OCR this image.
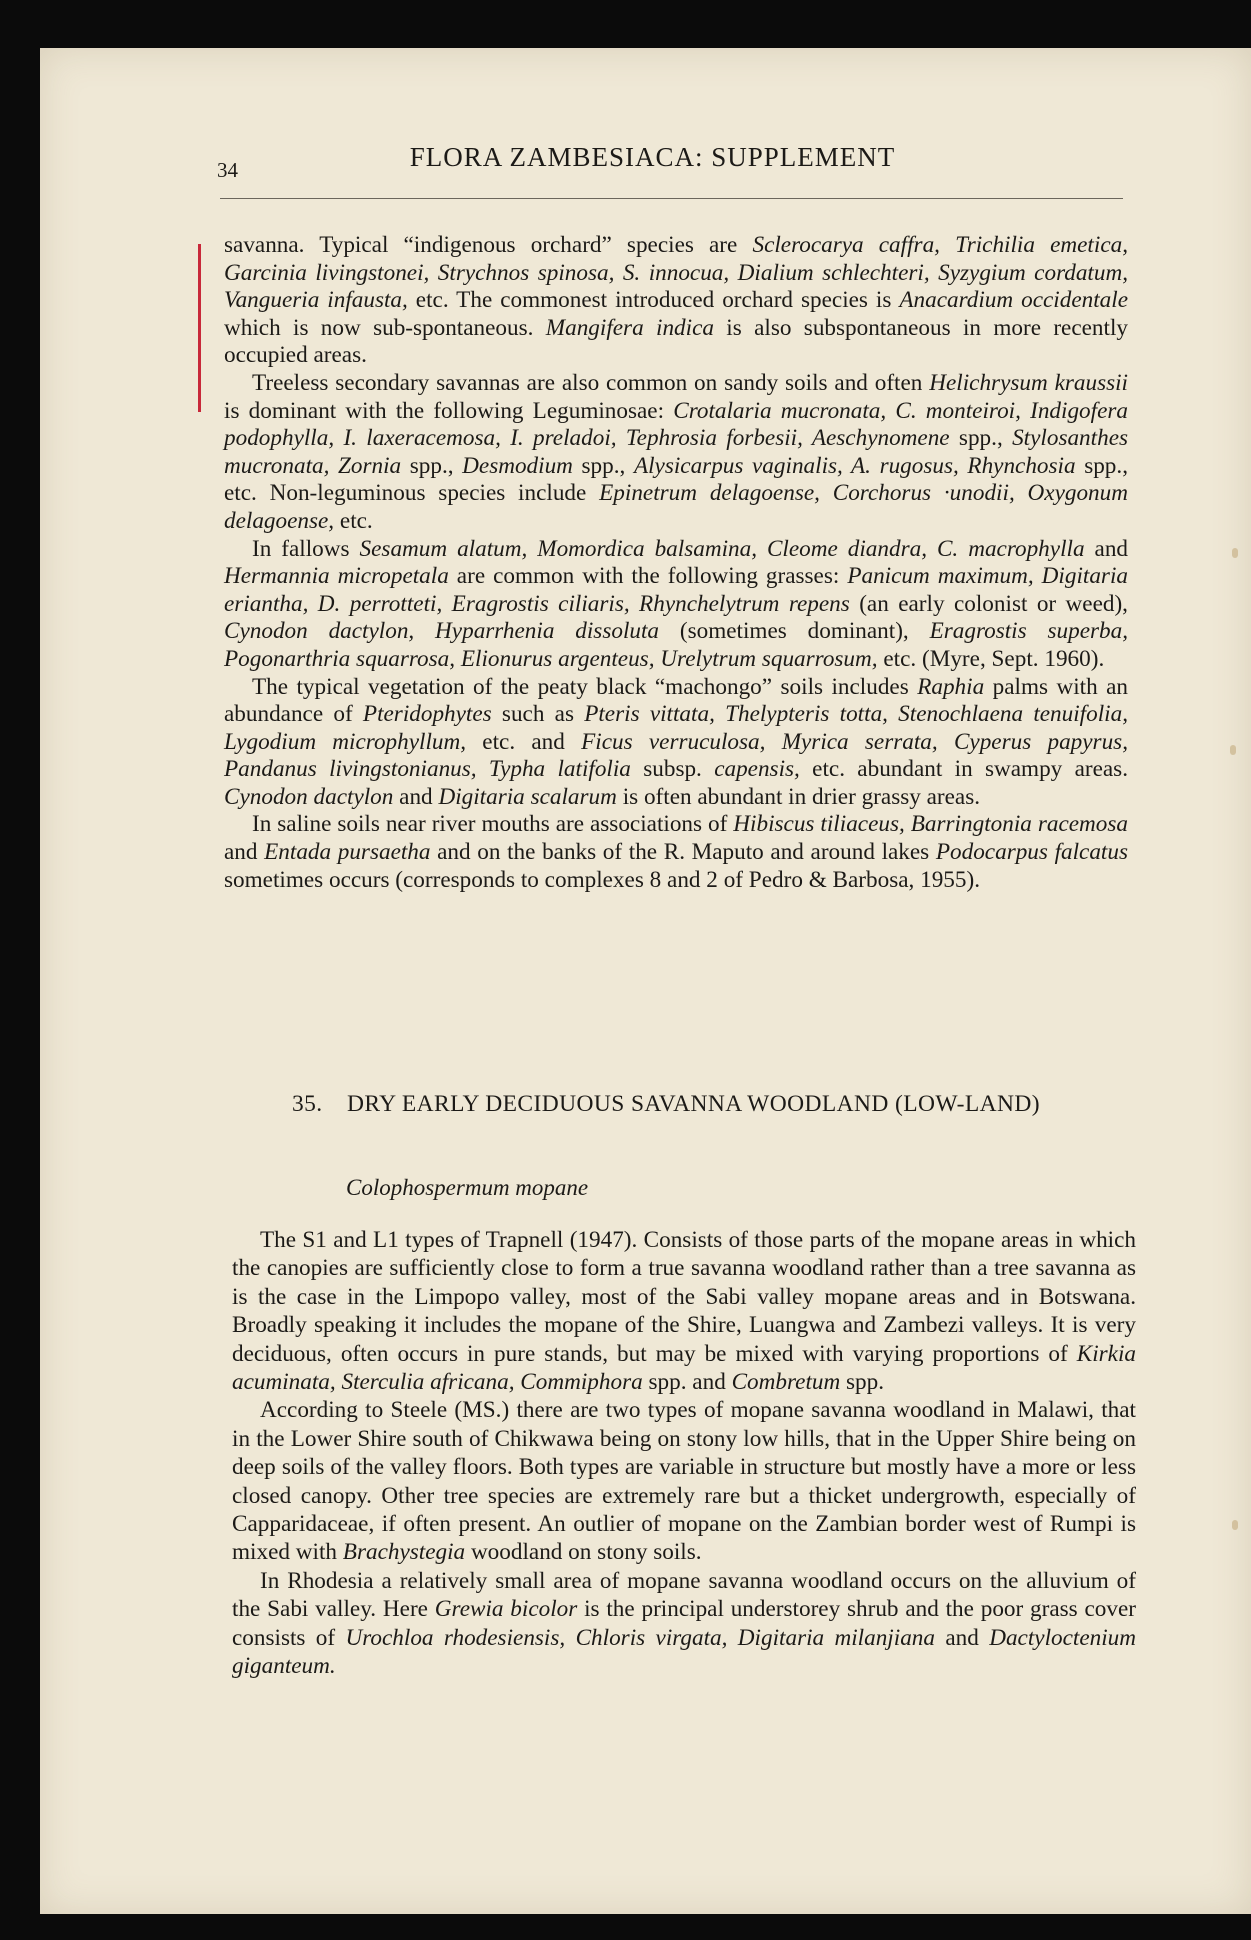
34	FLORA ZAMBESIACA: SUPPLEMENT

savanna. Typical “indigenous orchard” species are Sclerocarya caffra, Trichilia emetica, Garcinia livingstonei, Strychnos spinosa, S. innocua, Dialium schlechteri, Syzygium cordatum, Vangueria infausta, etc. The commonest introduced orchard species is Anacardium occidentale which is now sub-spontaneous. Mangifera indica is also subspontaneous in more recently occupied areas.

Treeless secondary savannas are also common on sandy soils and often Helichrysum kraussii is dominant with the following Leguminosae: Crotalaria mucronata, C. monteiroi, Indigofera podophylla, I. laxeracemosa, I. preladoi, Tephrosia forbesii, Aeschynomene spp., Stylosanthes mucronata, Zornia spp., Desmodium spp., Alysicarpus vaginalis, A. rugosus, Rhynchosia spp., etc. Non-leguminous species include Epinetrum delagoense, Corchorus ·unodii, Oxygonum delagoense, etc.

In fallows Sesamum alatum, Momordica balsamina, Cleome diandra, C. macrophylla and Hermannia micropetala are common with the following grasses: Panicum maximum, Digitaria eriantha, D. perrotteti, Eragrostis ciliaris, Rhynchelytrum repens (an early colonist or weed), Cynodon dactylon, Hyparrhenia dissoluta (sometimes dominant), Eragrostis superba, Pogonarthria squarrosa, Elionurus argenteus, Urelytrum squarrosum, etc. (Myre, Sept. 1960).

The typical vegetation of the peaty black “machongo” soils includes Raphia palms with an abundance of Pteridophytes such as Pteris vittata, Thelypteris totta, Stenochlaena tenuifolia, Lygodium microphyllum, etc. and Ficus verruculosa, Myrica serrata, Cyperus papyrus, Pandanus livingstonianus, Typha latifolia subsp. capensis, etc. abundant in swampy areas. Cynodon dactylon and Digitaria scalarum is often abundant in drier grassy areas.

In saline soils near river mouths are associations of Hibiscus tiliaceus, Barringtonia racemosa and Entada pursaetha and on the banks of the R. Maputo and around lakes Podocarpus falcatus sometimes occurs (corresponds to complexes 8 and 2 of Pedro & Barbosa, 1955).

35.	DRY EARLY DECIDUOUS SAVANNA WOODLAND (LOW-LAND)
Colophospermum mopane

The S1 and L1 types of Trapnell (1947). Consists of those parts of the mopane areas in which the canopies are sufficiently close to form a true savanna woodland rather than a tree savanna as is the case in the Limpopo valley, most of the Sabi valley mopane areas and in Botswana. Broadly speaking it includes the mopane of the Shire, Luangwa and Zambezi valleys. It is very deciduous, often occurs in pure stands, but may be mixed with varying proportions of Kirkia acuminata, Sterculia africana, Commiphora spp. and Combretum spp.

According to Steele (MS.) there are two types of mopane savanna woodland in Malawi, that in the Lower Shire south of Chikwawa being on stony low hills, that in the Upper Shire being on deep soils of the valley floors. Both types are variable in structure but mostly have a more or less closed canopy. Other tree species are extremely rare but a thicket undergrowth, especially of Capparidaceae, if often present. An outlier of mopane on the Zambian border west of Rumpi is mixed with Brachystegia woodland on stony soils.

In Rhodesia a relatively small area of mopane savanna woodland occurs on the alluvium of the Sabi valley. Here Grewia bicolor is the principal understorey shrub and the poor grass cover consists of Urochloa rhodesiensis, Chloris virgata, Digitaria milanjiana and Dactyloctenium giganteum.
